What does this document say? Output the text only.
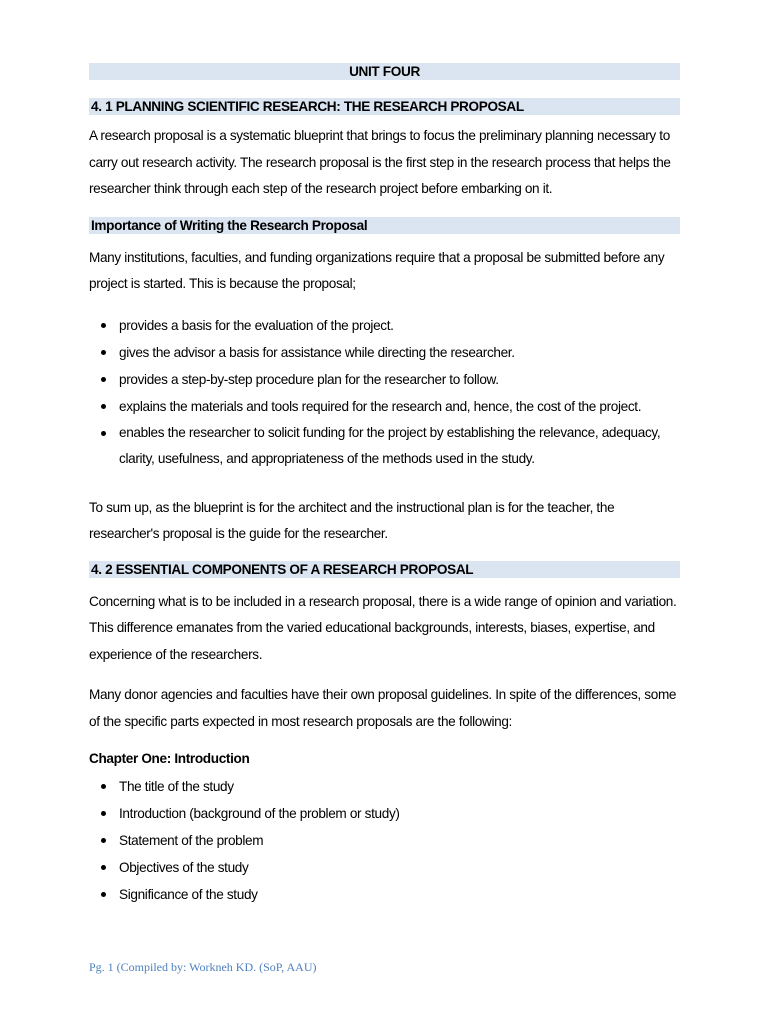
UNIT FOUR
4. 1 PLANNING SCIENTIFIC RESEARCH: THE RESEARCH PROPOSAL

A research proposal is a systematic blueprint that brings to focus the preliminary planning necessary to carry out research activity. The research proposal is the first step in the research process that helps the researcher think through each step of the research project before embarking on it.

Importance of Writing the Research Proposal

Many institutions, faculties, and funding organizations require that a proposal be submitted before any project is started. This is because the proposal;

provides a basis for the evaluation of the project.
gives the advisor a basis for assistance while directing the researcher.
provides a step-by-step procedure plan for the researcher to follow.
explains the materials and tools required for the research and, hence, the cost of the project.
enables the researcher to solicit funding for the project by establishing the relevance, adequacy, clarity, usefulness, and appropriateness of the methods used in the study.

To sum up, as the blueprint is for the architect and the instructional plan is for the teacher, the researcher's proposal is the guide for the researcher.

4. 2 ESSENTIAL COMPONENTS OF A RESEARCH PROPOSAL

Concerning what is to be included in a research proposal, there is a wide range of opinion and variation. This difference emanates from the varied educational backgrounds, interests, biases, expertise, and experience of the researchers.

Many donor agencies and faculties have their own proposal guidelines. In spite of the differences, some of the specific parts expected in most research proposals are the following:

Chapter One: Introduction
The title of the study
Introduction (background of the problem or study)
Statement of the problem
Objectives of the study
Significance of the study
Pg. 1 (Compiled by: Workneh KD. (SoP, AAU)
